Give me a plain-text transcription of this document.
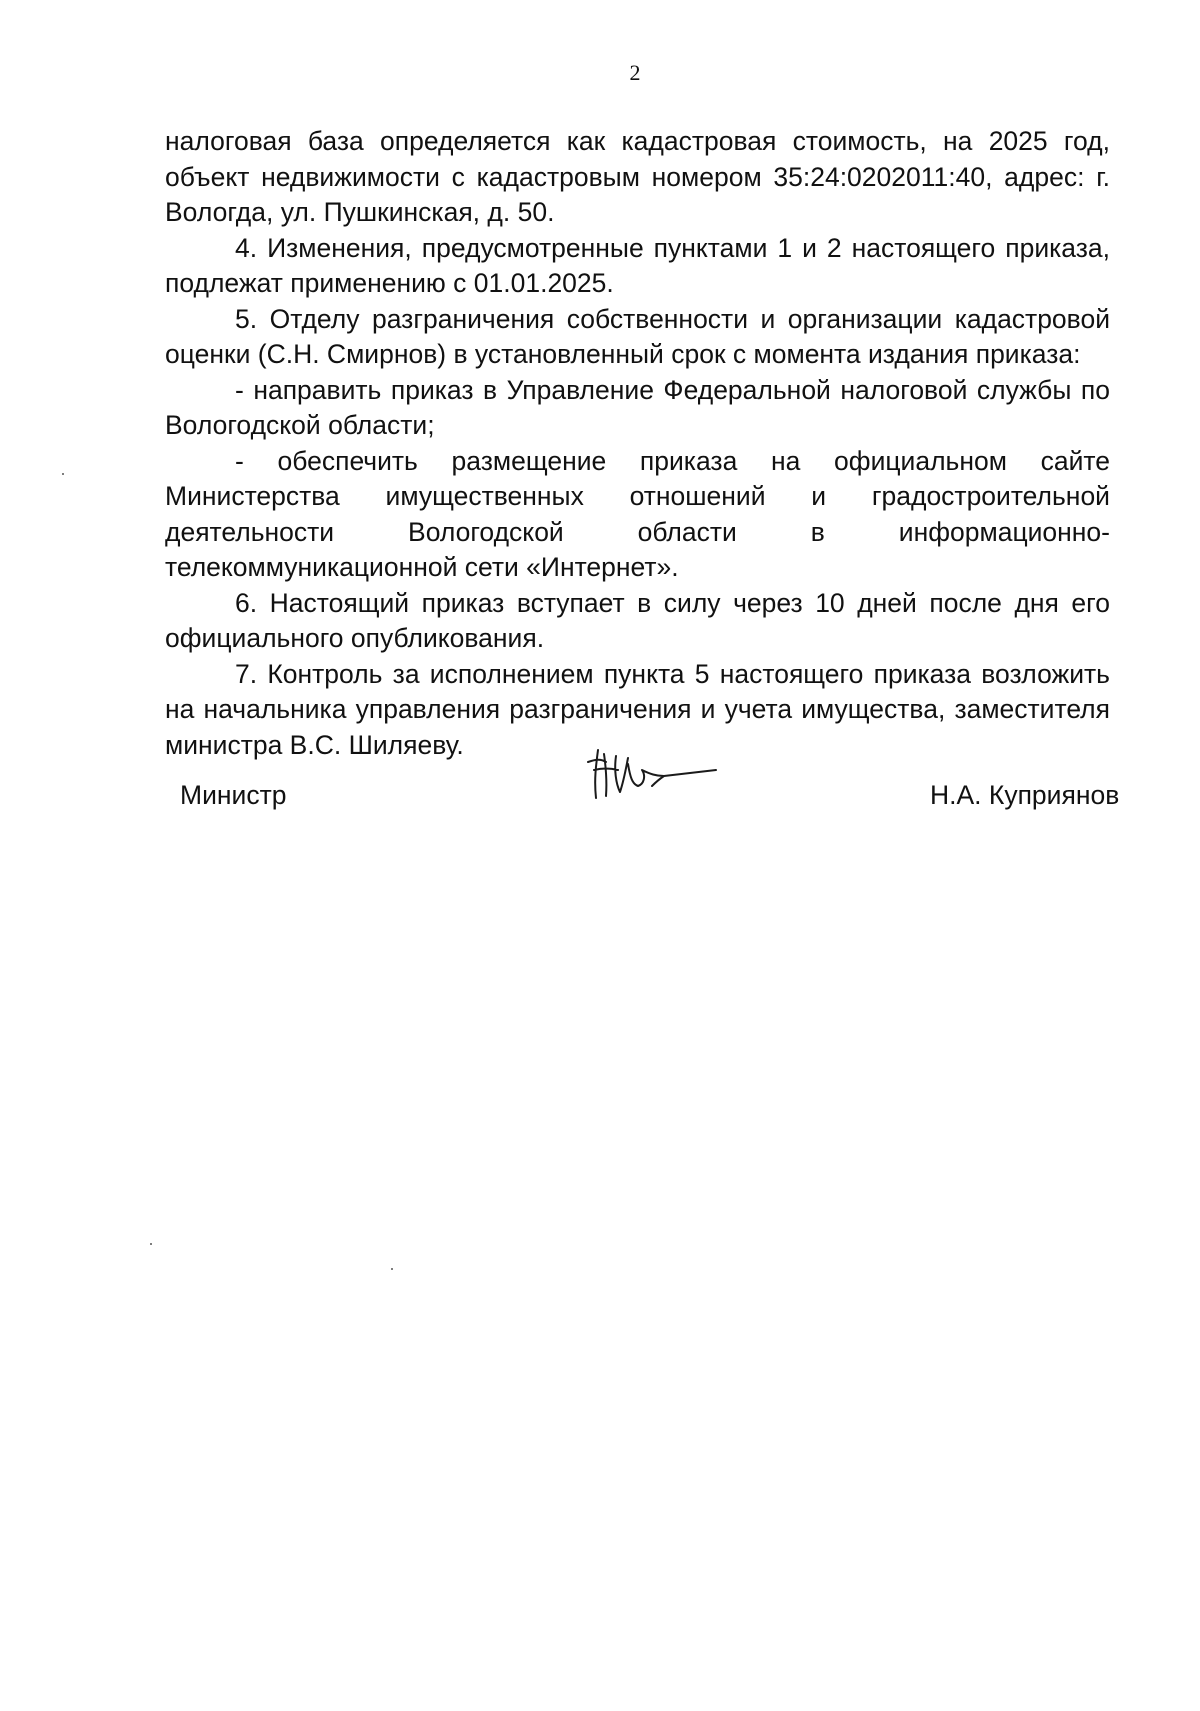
2

налоговая база определяется как кадастровая стоимость, на 2025 год, объект недвижимости с кадастровым номером 35:24:0202011:40, адрес: г. Вологда, ул. Пушкинская, д. 50.

4. Изменения, предусмотренные пунктами 1 и 2 настоящего приказа, подлежат применению с 01.01.2025.

5. Отделу разграничения собственности и организации кадастровой оценки (С.Н. Смирнов) в установленный срок с момента издания приказа:

- направить приказ в Управление Федеральной налоговой службы по Вологодской области;

- обеспечить размещение приказа на официальном сайте Министерства имущественных отношений и градостроительной деятельности Вологодской области в информационно-телекоммуникационной сети «Интернет».

6. Настоящий приказ вступает в силу через 10 дней после дня его официального опубликования.

7. Контроль за исполнением пункта 5 настоящего приказа возложить на начальника управления разграничения и учета имущества, заместителя министра В.С. Шиляеву.

Министр	Н.А. Куприянов
